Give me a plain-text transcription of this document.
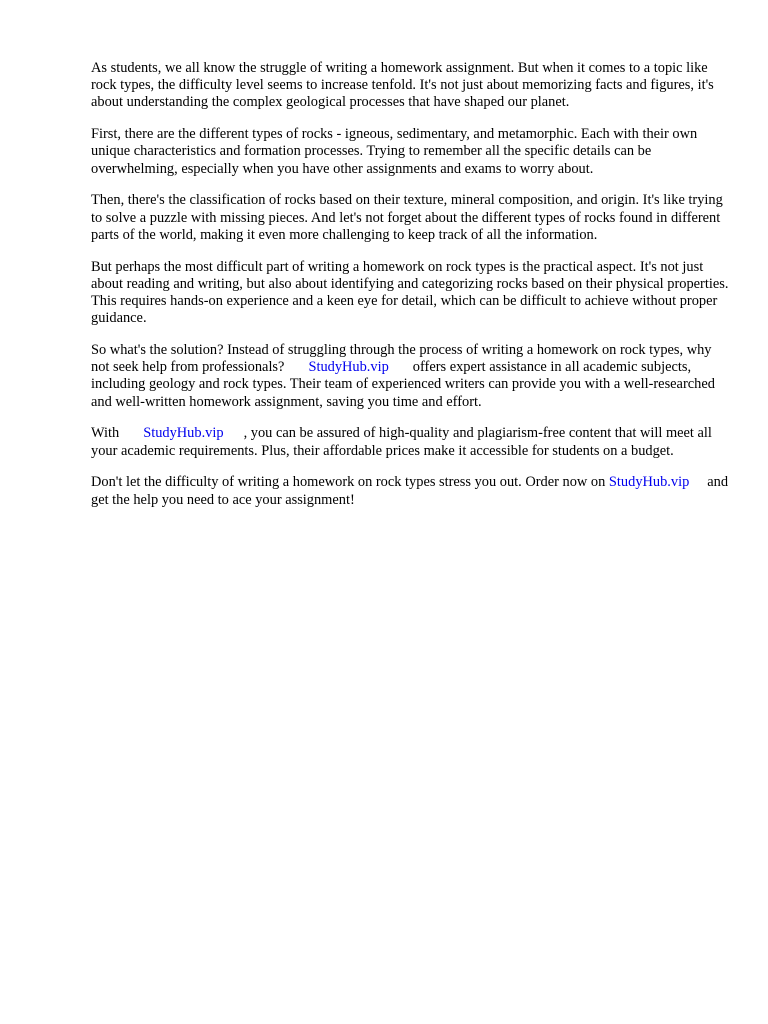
As students, we all know the struggle of writing a homework assignment. But when it comes to a topic like rock types, the difficulty level seems to increase tenfold. It's not just about memorizing facts and figures, it's about understanding the complex geological processes that have shaped our planet.

First, there are the different types of rocks - igneous, sedimentary, and metamorphic. Each with their own unique characteristics and formation processes. Trying to remember all the specific details can be overwhelming, especially when you have other assignments and exams to worry about.

Then, there's the classification of rocks based on their texture, mineral composition, and origin. It's like trying to solve a puzzle with missing pieces. And let's not forget about the different types of rocks found in different parts of the world, making it even more challenging to keep track of all the information.

But perhaps the most difficult part of writing a homework on rock types is the practical aspect. It's not just about reading and writing, but also about identifying and categorizing rocks based on their physical properties. This requires hands-on experience and a keen eye for detail, which can be difficult to achieve without proper guidance.

So what's the solution? Instead of struggling through the process of writing a homework on rock types, why not seek help from professionals? StudyHub.vip offers expert assistance in all academic subjects, including geology and rock types. Their team of experienced writers can provide you with a well-researched and well-written homework assignment, saving you time and effort.

With StudyHub.vip , you can be assured of high-quality and plagiarism-free content that will meet all your academic requirements. Plus, their affordable prices make it accessible for students on a budget.

Don't let the difficulty of writing a homework on rock types stress you out. Order now on StudyHub.vip and get the help you need to ace your assignment!
